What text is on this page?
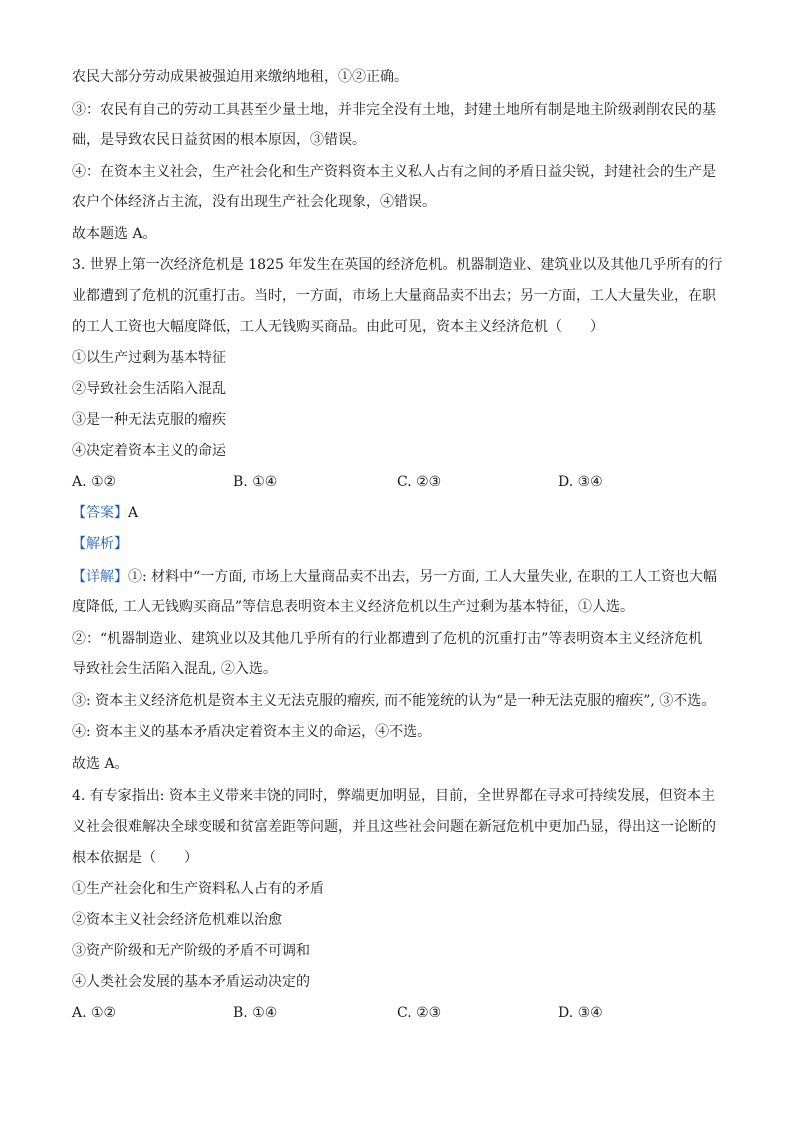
农民大部分劳动成果被强迫用来缴纳地租，①②正确。
③：农民有自己的劳动工具甚至少量土地，并非完全没有土地，封建土地所有制是地主阶级剥削农民的基
础，是导致农民日益贫困的根本原因，③错误。
④：在资本主义社会，生产社会化和生产资料资本主义私人占有之间的矛盾日益尖锐，封建社会的生产是
农户个体经济占主流，没有出现生产社会化现象，④错误。
故本题选 A。
3. 世界上第一次经济危机是 1825 年发生在英国的经济危机。机器制造业、建筑业以及其他几乎所有的行
业都遭到了危机的沉重打击。当时，一方面，市场上大量商品卖不出去；另一方面，工人大量失业，在职
的工人工资也大幅度降低，工人无钱购买商品。由此可见，资本主义经济危机（　　）
①以生产过剩为基本特征
②导致社会生活陷入混乱
③是一种无法克服的瘤疾
④决定着资本主义的命运
A. ①②	B. ①④	C. ②③	D. ③④
【答案】A
【解析】
【详解】①: 材料中“一方面, 市场上大量商品卖不出去，另一方面, 工人大量失业, 在职的工人工资也大幅
度降低, 工人无钱购买商品”等信息表明资本主义经济危机以生产过剩为基本特征，①人选。
②：“机器制造业、建筑业以及其他几乎所有的行业都遭到了危机的沉重打击”等表明资本主义经济危机
导致社会生活陷入混乱, ②入选。
③: 资本主义经济危机是资本主义无法克服的瘤疾, 而不能笼统的认为“是一种无法克服的瘤疾”, ③不选。
④: 资本主义的基本矛盾决定着资本主义的命运，④不选。
故选 A。
4. 有专家指出: 资本主义带来丰饶的同时，弊端更加明显，目前，全世界都在寻求可持续发展，但资本主
义社会很难解决全球变暖和贫富差距等问题，并且这些社会问题在新冠危机中更加凸显，得出这一论断的
根本依据是（　　）
①生产社会化和生产资料私人占有的矛盾
②资本主义社会经济危机难以治愈
③资产阶级和无产阶级的矛盾不可调和
④人类社会发展的基本矛盾运动决定的
A. ①②	B. ①④	C. ②③	D. ③④
